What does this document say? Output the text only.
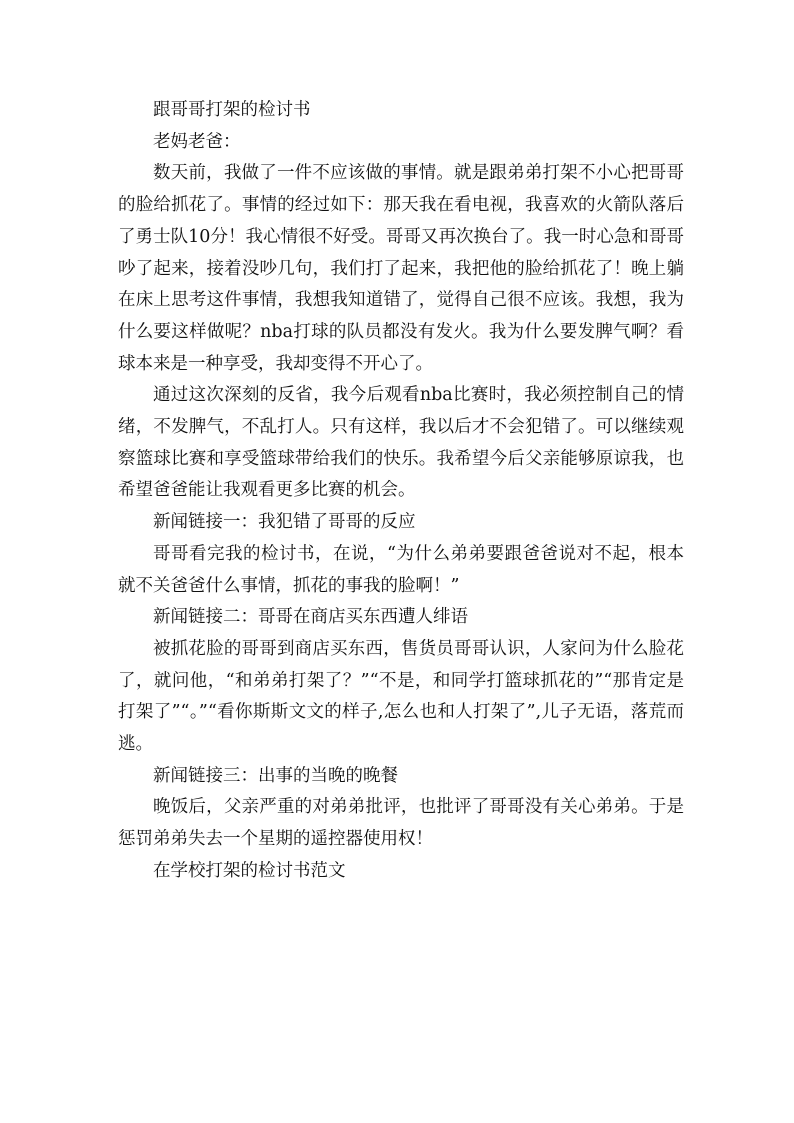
跟哥哥打架的检讨书

老妈老爸：

数天前，我做了一件不应该做的事情。就是跟弟弟打架不小心把哥哥的脸给抓花了。事情的经过如下：那天我在看电视，我喜欢的火箭队落后了勇士队10分！我心情很不好受。哥哥又再次换台了。我一时心急和哥哥吵了起来，接着没吵几句，我们打了起来，我把他的脸给抓花了！晚上躺在床上思考这件事情，我想我知道错了，觉得自己很不应该。我想，我为什么要这样做呢？nba打球的队员都没有发火。我为什么要发脾气啊？看球本来是一种享受，我却变得不开心了。

通过这次深刻的反省，我今后观看nba比赛时，我必须控制自己的情绪，不发脾气，不乱打人。只有这样，我以后才不会犯错了。可以继续观察篮球比赛和享受篮球带给我们的快乐。我希望今后父亲能够原谅我，也希望爸爸能让我观看更多比赛的机会。

新闻链接一：我犯错了哥哥的反应

哥哥看完我的检讨书，在说，“为什么弟弟要跟爸爸说对不起，根本就不关爸爸什么事情，抓花的事我的脸啊！”

新闻链接二：哥哥在商店买东西遭人绯语

被抓花脸的哥哥到商店买东西，售货员哥哥认识，人家问为什么脸花了，就问他，“和弟弟打架了？”“不是，和同学打篮球抓花的”“那肯定是打架了”“。”“看你斯斯文文的样子,怎么也和人打架了”,儿子无语，落荒而逃。

新闻链接三：出事的当晚的晚餐

晚饭后，父亲严重的对弟弟批评，也批评了哥哥没有关心弟弟。于是惩罚弟弟失去一个星期的遥控器使用权！

在学校打架的检讨书范文
